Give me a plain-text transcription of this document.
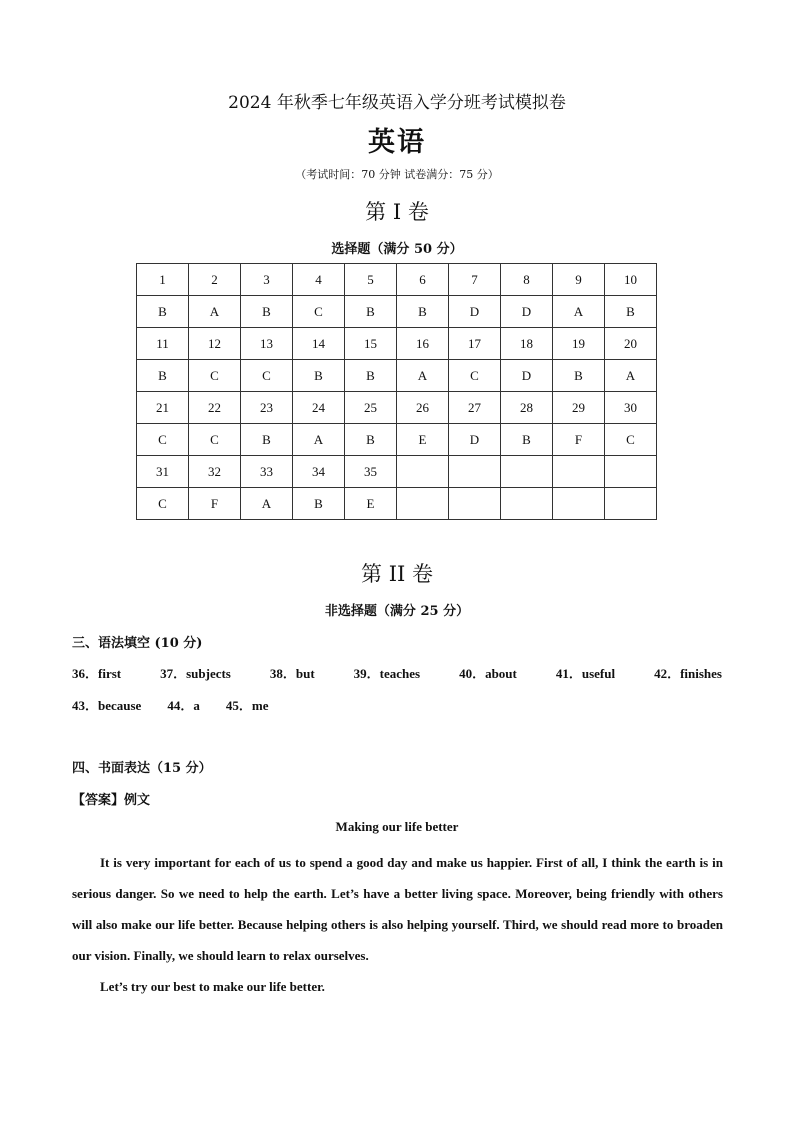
2024 年秋季七年级英语入学分班考试模拟卷
英语
（考试时间：70 分钟 试卷满分：75 分）
第 I 卷
选择题（满分 50 分）
1	2	3	4	5	6	7	8	9	10
B	A	B	C	B	B	D	D	A	B
11	12	13	14	15	16	17	18	19	20
B	C	C	B	B	A	C	D	B	A
21	22	23	24	25	26	27	28	29	30
C	C	B	A	B	E	D	B	F	C
31	32	33	34	35					
C	F	A	B	E					
第 II 卷
非选择题（满分 25 分）
三、语法填空 (10 分)
36．first	37．subjects	38．but	39．teaches	40．about	41．useful	42．finishes
43．because 44．a 45．me
四、书面表达（15 分）
【答案】例文
Making our life better

It is very important for each of us to spend a good day and make us happier. First of all, I think the earth is in serious danger. So we need to help the earth. Let’s have a better living space. Moreover, being friendly with others will also make our life better. Because helping others is also helping yourself. Third, we should read more to broaden our vision. Finally, we should learn to relax ourselves.

Let’s try our best to make our life better.
